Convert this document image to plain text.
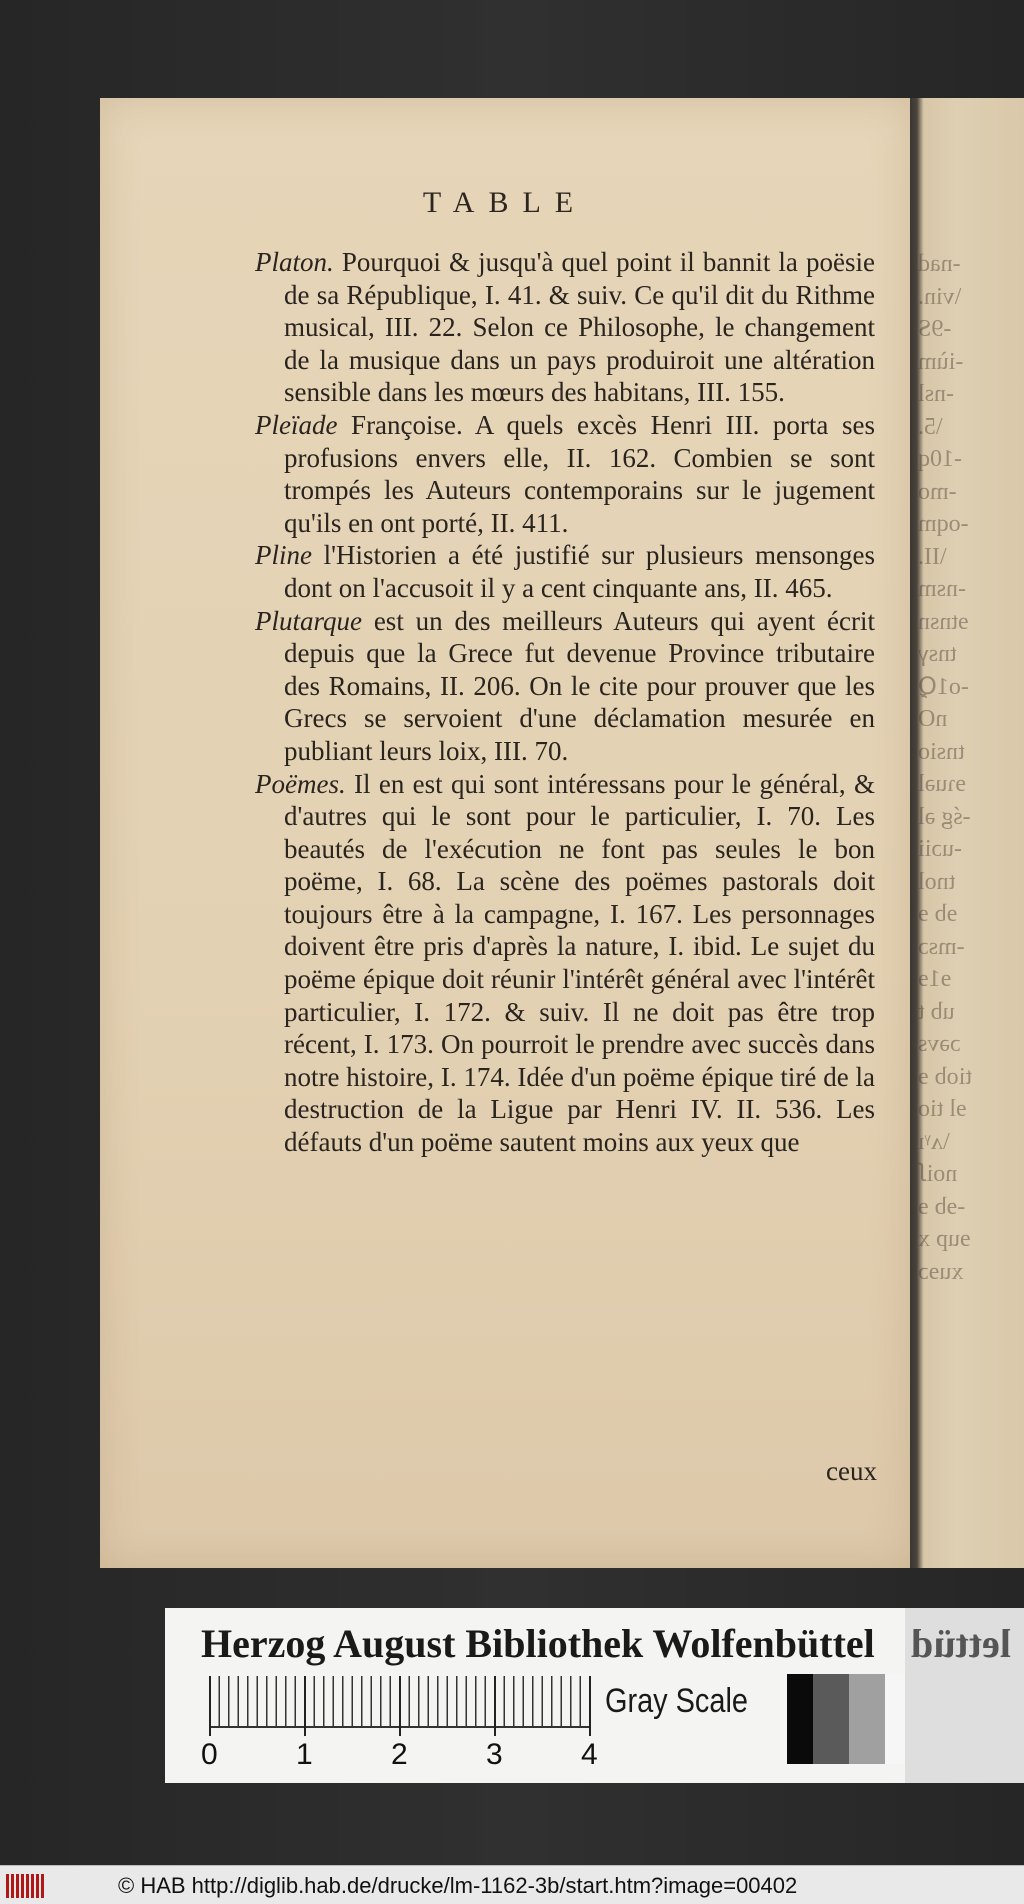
TABLE

Platon. Pourquoi & jusqu'à quel point il bannit la poësie de sa République, I. 41. & suiv. Ce qu'il dit du Rithme musical, III. 22. Selon ce Philosophe, le changement de la musique dans un pays produiroit une altération sensible dans les mœurs des habitans, III. 155.

Pleïade Françoise. A quels excès Henri III. porta ses profusions envers elle, II. 162. Combien se sont trompés les Auteurs contemporains sur le jugement qu'ils en ont porté, II. 411.

Pline l'Historien a été justifié sur plusieurs mensonges dont on l'accusoit il y a cent cinquante ans, II. 465.

Plutarque est un des meilleurs Auteurs qui ayent écrit depuis que la Grece fut devenue Province tributaire des Romains, II. 206. On le cite pour prouver que les Grecs se servoient d'une déclamation mesurée en publiant leurs loix, III. 70.

Poëmes. Il en est qui sont intéressans pour le général, & d'autres qui le sont pour le particulier, I. 70. Les beautés de l'exécution ne font pas seules le bon poëme, I. 68. La scène des poëmes pastorals doit toujours être à la campagne, I. 167. Les personnages doivent être pris d'après la nature, I. ibid. Le sujet du poëme épique doit réunir l'intérêt général avec l'intérêt particulier, I. 172. & suiv. Il ne doit pas être trop récent, I. 173. On pourroit le prendre avec succès dans notre histoire, I. 174. Idée d'un poëme épique tiré de la destruction de la Ligue par Henri IV. II. 536. Les défauts d'un poëme sautent moins aux yeux que

ceux
-nad
\vin.
-9S
-iùm
-nsl
\5.
-10q
-mo
-oqm
\II.
-nsm
ɘtnsn
tnsγ
-o1Ꝗ
nO
tnsio
ɘɿuəl
-śg əl
-uɔii
tnol
ɘb ɘ
-msɔ
ɘ1ɘ
ub t
ɔəvs
tiob ɘ
ɘl tio
\ᴧᵞı
noiꭍ
-ɘb ɘ
ɘup x
xuɘɔ
Herzog August Bibliothek Wolfenbüttel
0	1	2	3	4
Gray Scale
lettüd
© HAB http://diglib.hab.de/drucke/lm-1162-3b/start.htm?image=00402
